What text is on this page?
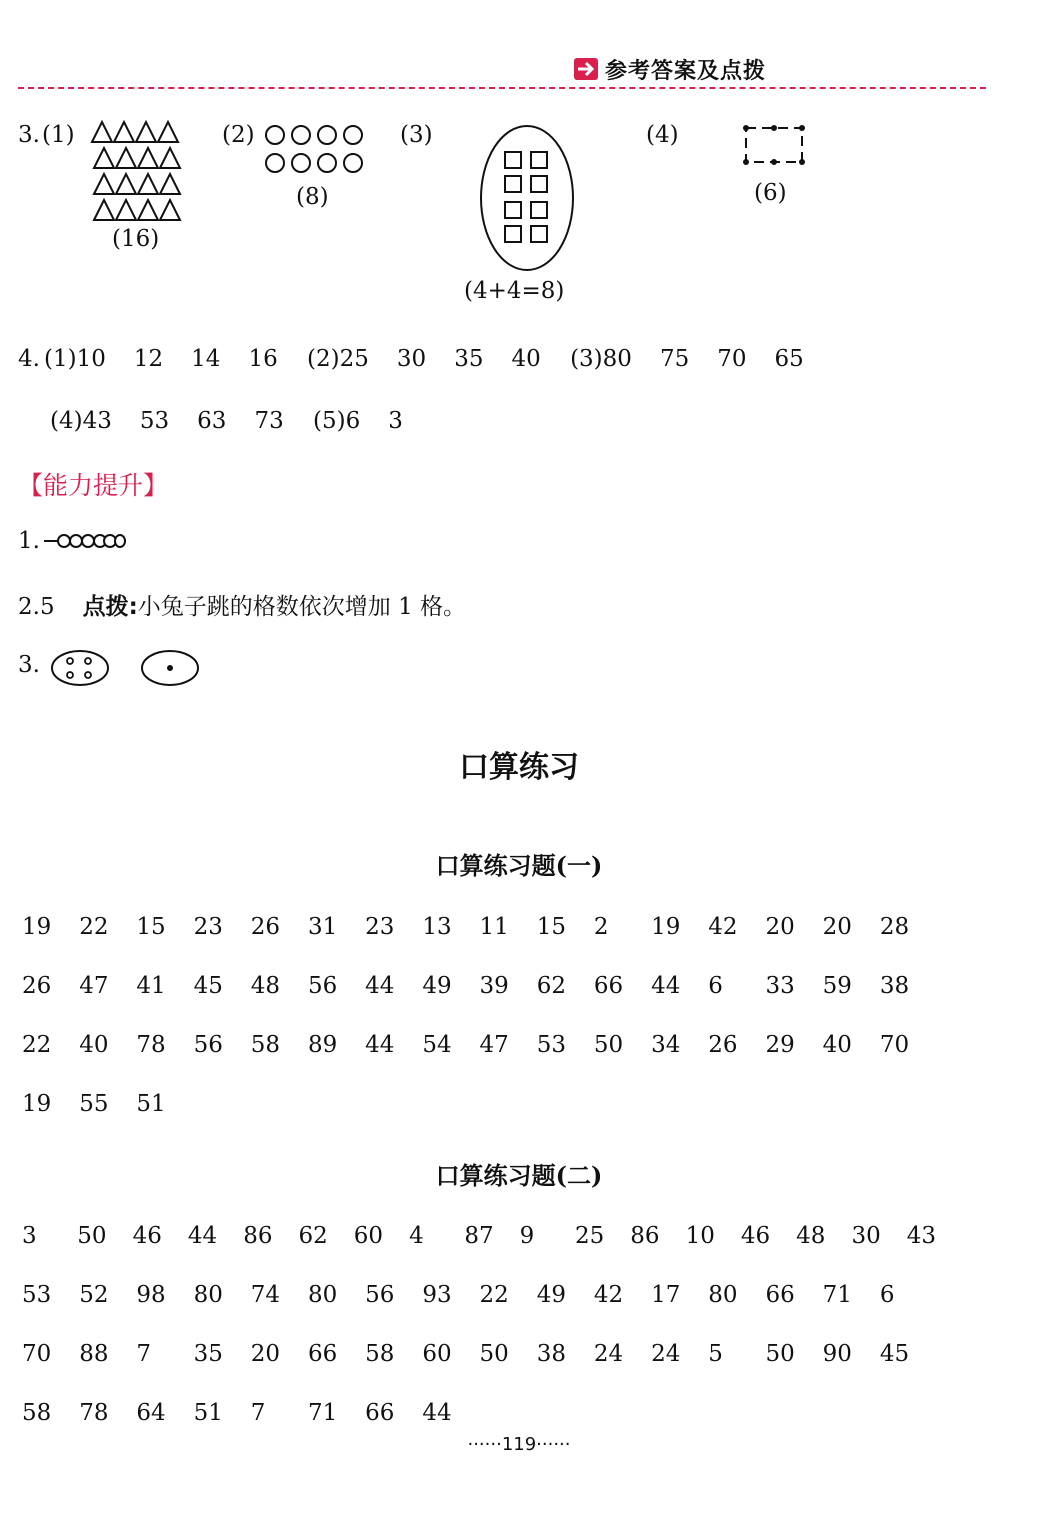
参考答案及点拨
3. (1)
(16)
(2)
(8)
(3)
(4+4=8)
(4)
(6)
4. (1)10 12 14 16 (2)25 30 35 40 (3)80 75 70 65
(4)43 53 63 73 (5)6 3
【能力提升】
1.
2.5 点拨:小兔子跳的格数依次增加 1 格。
3.
口算练习
口算练习题(一)
19	22	15	23	26	31	23	13	11	15	2	19	42	20	20	28
26	47	41	45	48	56	44	49	39	62	66	44	6	33	59	38
22	40	78	56	58	89	44	54	47	53	50	34	26	29	40	70
19	55	51
口算练习题(二)
3	50	46	44	86	62	60	4	87	9	25	86	10	46	48	30	43
53	52	98	80	74	80	56	93	22	49	42	17	80	66	71	6
70	88	7	35	20	66	58	60	50	38	24	24	5	50	90	45
58	78	64	51	7	71	66	44
······119······
